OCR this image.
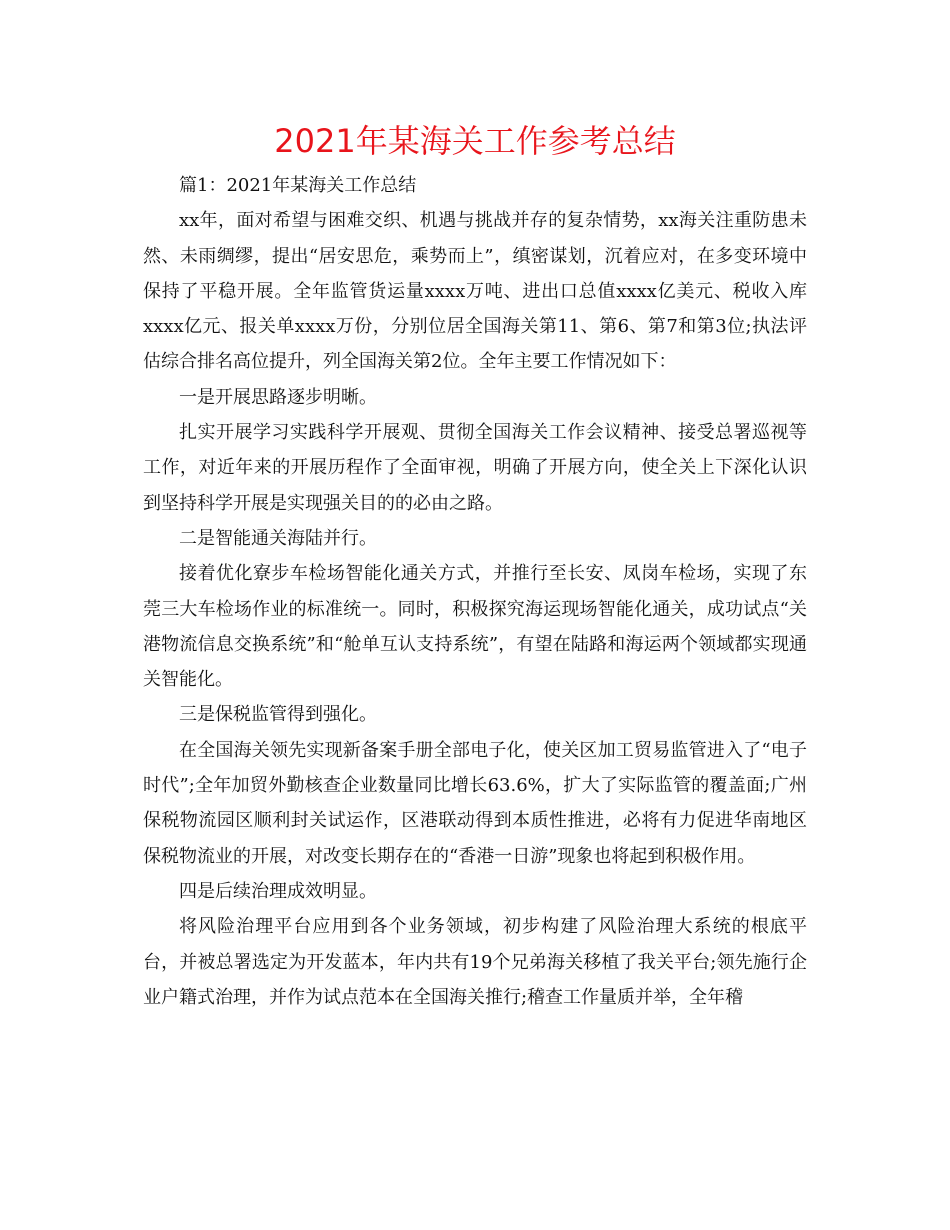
2021年某海关工作参考总结

篇1：2021年某海关工作总结

xx年，面对希望与困难交织、机遇与挑战并存的复杂情势，xx海关注重防患未然、未雨绸缪，提出“居安思危，乘势而上”，缜密谋划，沉着应对，在多变环境中保持了平稳开展。全年监管货运量xxxx万吨、进出口总值xxxx亿美元、税收入库xxxx亿元、报关单xxxx万份，分别位居全国海关第11、第6、第7和第3位;执法评估综合排名高位提升，列全国海关第2位。全年主要工作情况如下：

一是开展思路逐步明晰。

扎实开展学习实践科学开展观、贯彻全国海关工作会议精神、接受总署巡视等工作，对近年来的开展历程作了全面审视，明确了开展方向，使全关上下深化认识到坚持科学开展是实现强关目的的必由之路。

二是智能通关海陆并行。

接着优化寮步车检场智能化通关方式，并推行至长安、凤岗车检场，实现了东莞三大车检场作业的标准统一。同时，积极探究海运现场智能化通关，成功试点“关港物流信息交换系统”和“舱单互认支持系统”，有望在陆路和海运两个领域都实现通关智能化。

三是保税监管得到强化。

在全国海关领先实现新备案手册全部电子化，使关区加工贸易监管进入了“电子时代”;全年加贸外勤核查企业数量同比增长63.6%，扩大了实际监管的覆盖面;广州保税物流园区顺利封关试运作，区港联动得到本质性推进，必将有力促进华南地区保税物流业的开展，对改变长期存在的“香港一日游”现象也将起到积极作用。

四是后续治理成效明显。

将风险治理平台应用到各个业务领域，初步构建了风险治理大系统的根底平台，并被总署选定为开发蓝本，年内共有19个兄弟海关移植了我关平台;领先施行企业户籍式治理，并作为试点范本在全国海关推行;稽查工作量质并举，全年稽
